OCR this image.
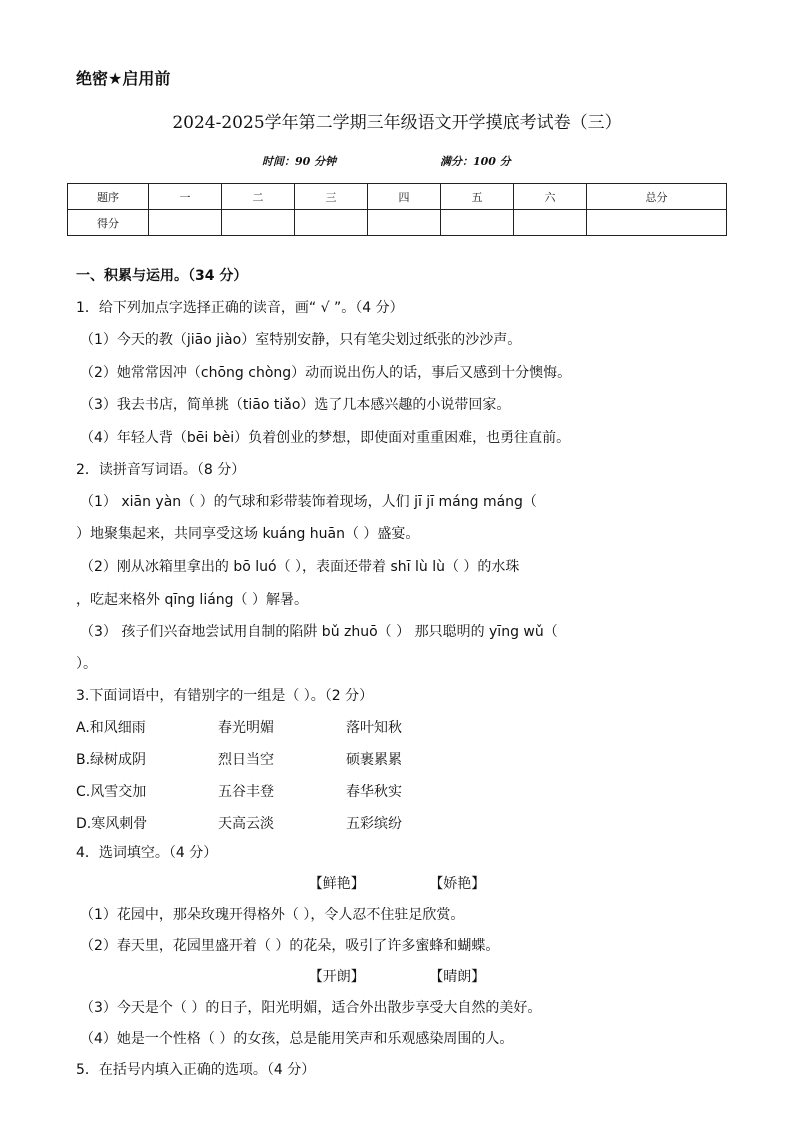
绝密★启用前
2024-2025学年第二学期三年级语文开学摸底考试卷（三）
时间：90 分钟	满分：100 分
题序	一	二	三	四	五	六	总分
得分							
一、积累与运用。（34 分）
1．给下列加点字选择正确的读音，画“ √ ”。（4 分）
（1）今天的教（jiāo jiào）室特别安静，只有笔尖划过纸张的沙沙声。
（2）她常常因冲（chōng chòng）动而说出伤人的话，事后又感到十分懊悔。
（3）我去书店，简单挑（tiāo tiǎo）选了几本感兴趣的小说带回家。
（4）年轻人背（bēi bèi）负着创业的梦想，即使面对重重困难，也勇往直前。
2．读拼音写词语。（8 分）
（1） xiān yàn（ ）的气球和彩带装饰着现场，人们 jī jī máng máng（
）地聚集起来，共同享受这场 kuáng huān（ ）盛宴。
（2）刚从冰箱里拿出的 bō luó（ ），表面还带着 shī lù lù（ ）的水珠
，吃起来格外 qīng liáng（ ）解暑。
（3） 孩子们兴奋地尝试用自制的陷阱 bǔ zhuō（ ） 那只聪明的 yīng wǔ（
）。
3.下面词语中，有错别字的一组是（ ）。（2 分）
A.和风细雨	春光明媚	落叶知秋
B.绿树成阴	烈日当空	硕裹累累
C.风雪交加	五谷丰登	春华秋实
D.寒风刺骨	天高云淡	五彩缤纷
4．选词填空。（4 分）
【鲜艳】	【娇艳】
（1）花园中，那朵玫瑰开得格外（ ），令人忍不住驻足欣赏。
（2）春天里，花园里盛开着（ ）的花朵，吸引了许多蜜蜂和蝴蝶。
【开朗】	【晴朗】
（3）今天是个（ ）的日子，阳光明媚，适合外出散步享受大自然的美好。
（4）她是一个性格（ ）的女孩，总是能用笑声和乐观感染周围的人。
5．在括号内填入正确的选项。（4 分）
